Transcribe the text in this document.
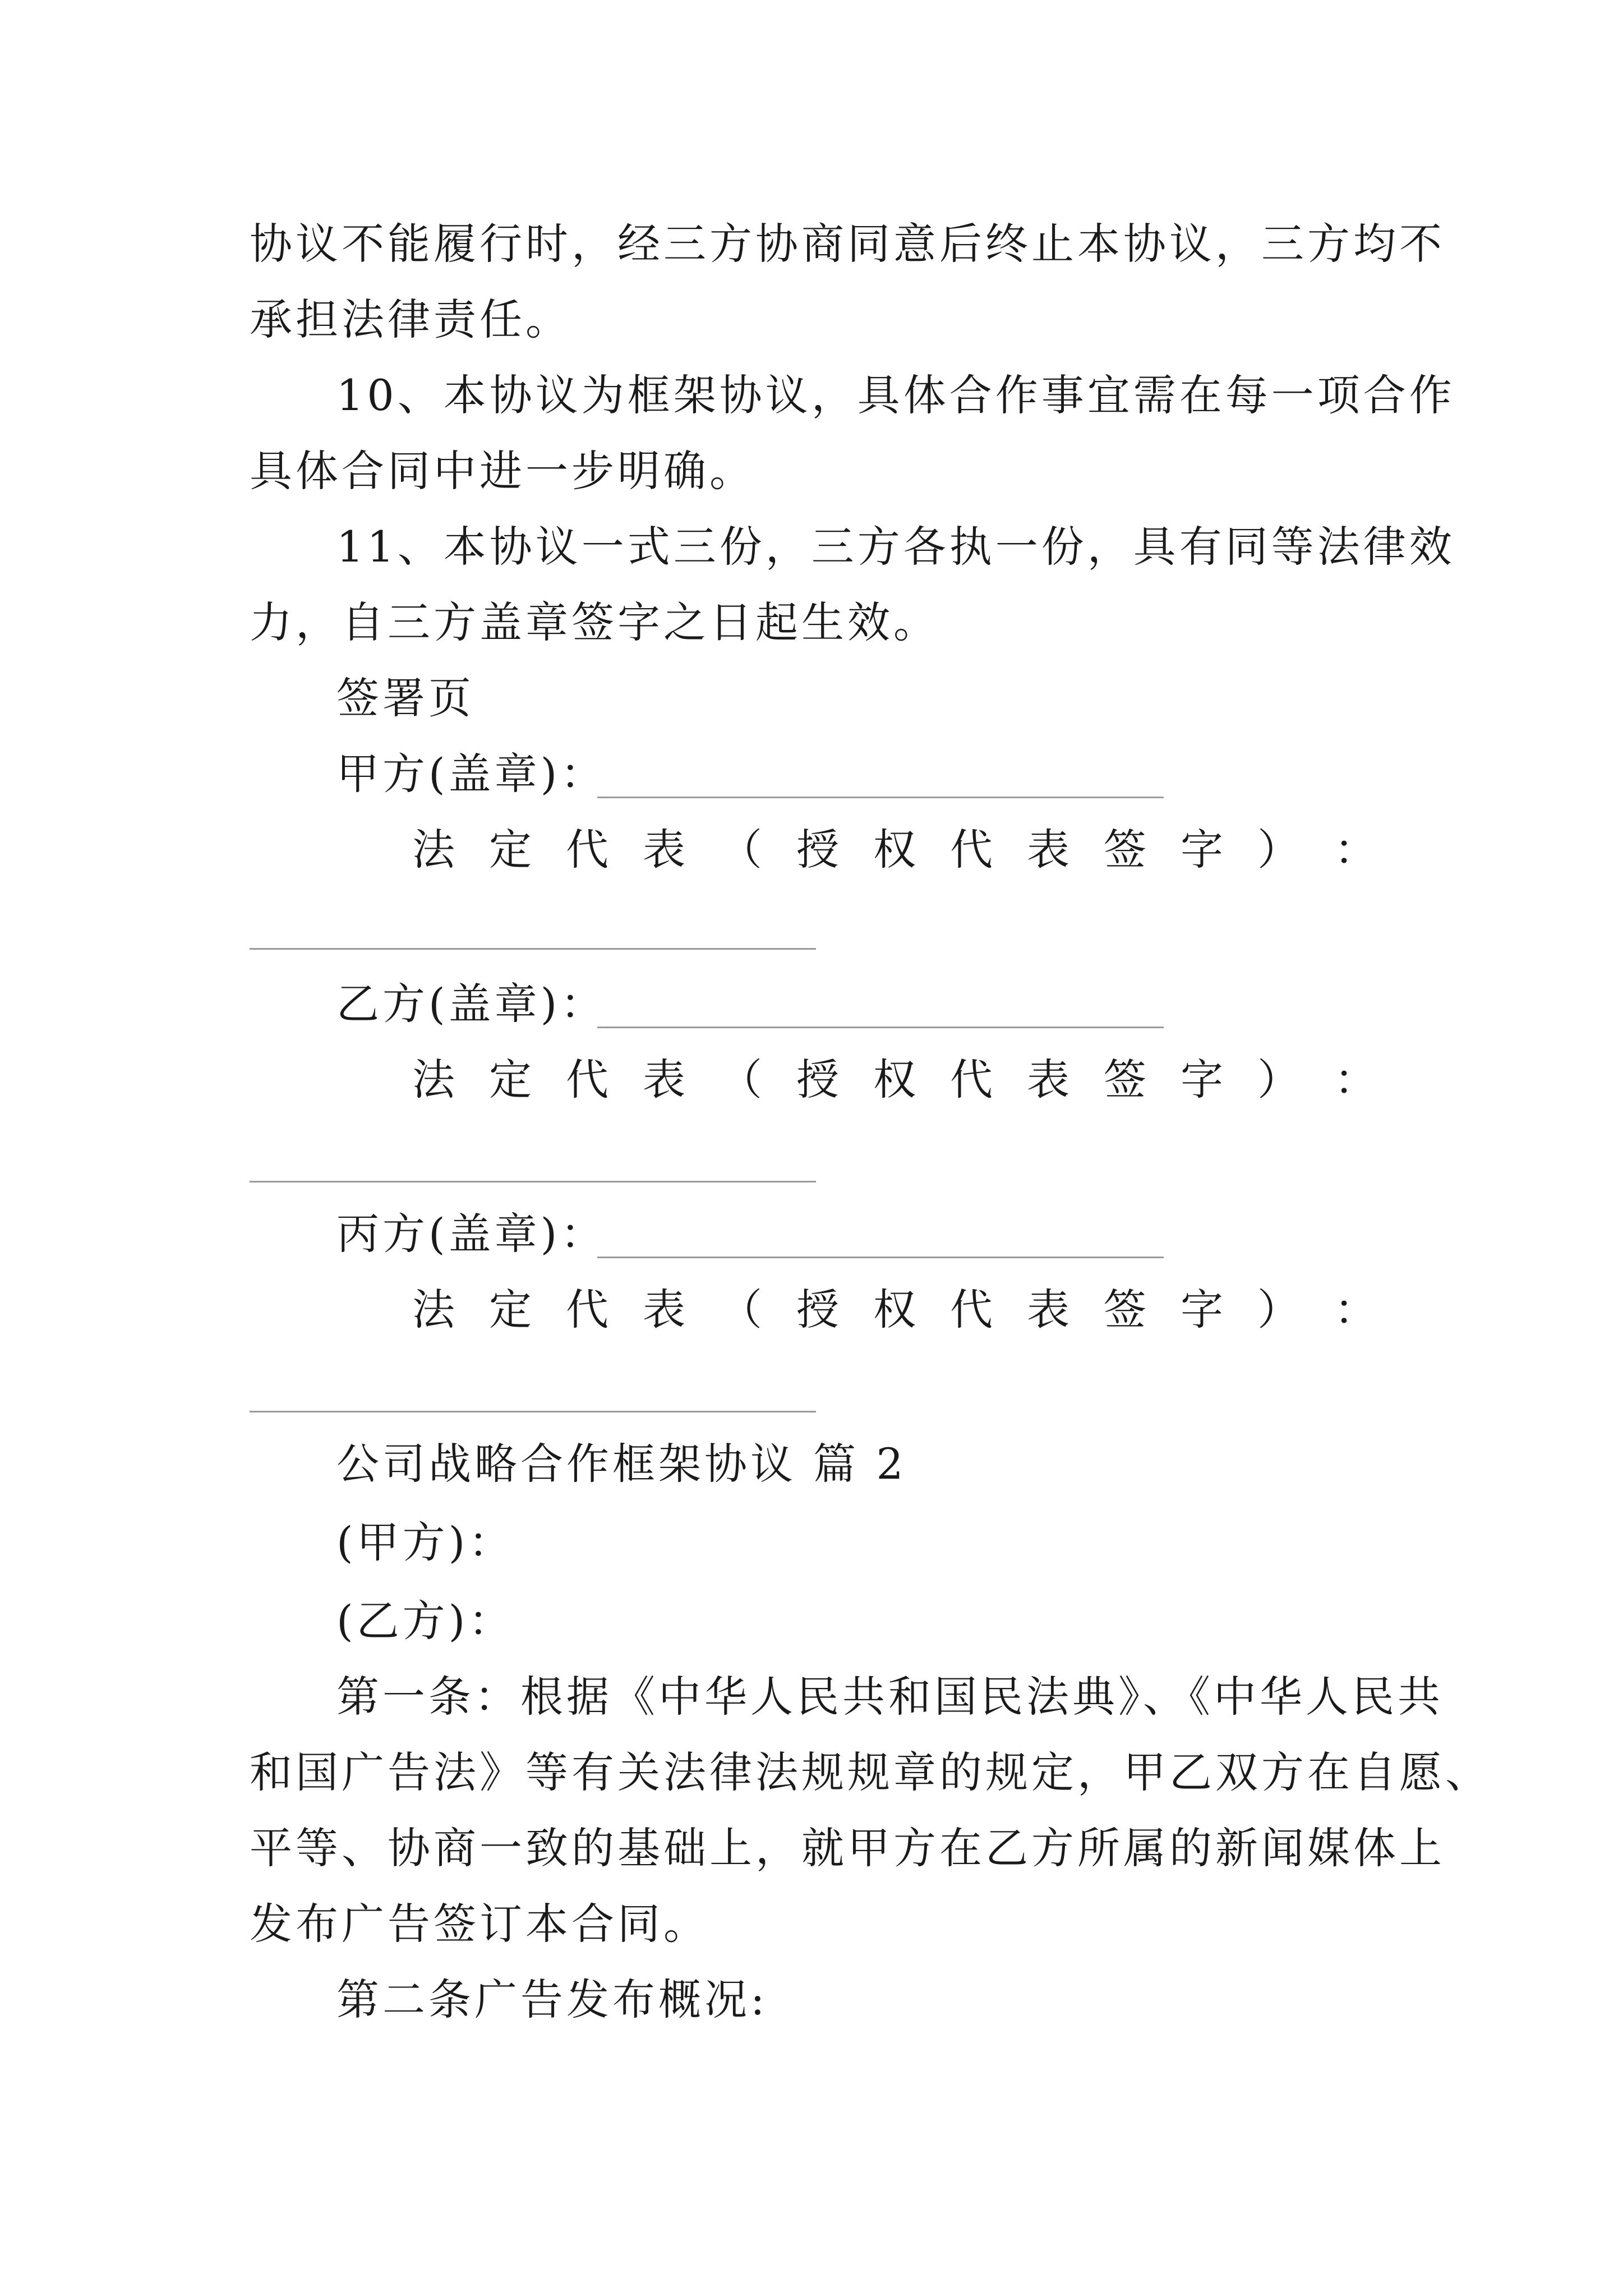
协议不能履行时，经三方协商同意后终止本协议，三方均不
承担法律责任。
10、本协议为框架协议，具体合作事宜需在每一项合作
具体合同中进一步明确。
11、本协议一式三份，三方各执一份，具有同等法律效
力，自三方盖章签字之日起生效。
签署页
甲方(盖章)：
法 定 代 表 （ 授 权 代 表 签 字 ） ：
乙方(盖章)：
法 定 代 表 （ 授 权 代 表 签 字 ） ：
丙方(盖章)：
法 定 代 表 （ 授 权 代 表 签 字 ） ：
公司战略合作框架协议 篇 2
(甲方)：
(乙方)：
第一条：根据《中华人民共和国民法典》、《中华人民共
和国广告法》等有关法律法规规章的规定，甲乙双方在自愿、
平等、协商一致的基础上，就甲方在乙方所属的新闻媒体上
发布广告签订本合同。
第二条广告发布概况:
